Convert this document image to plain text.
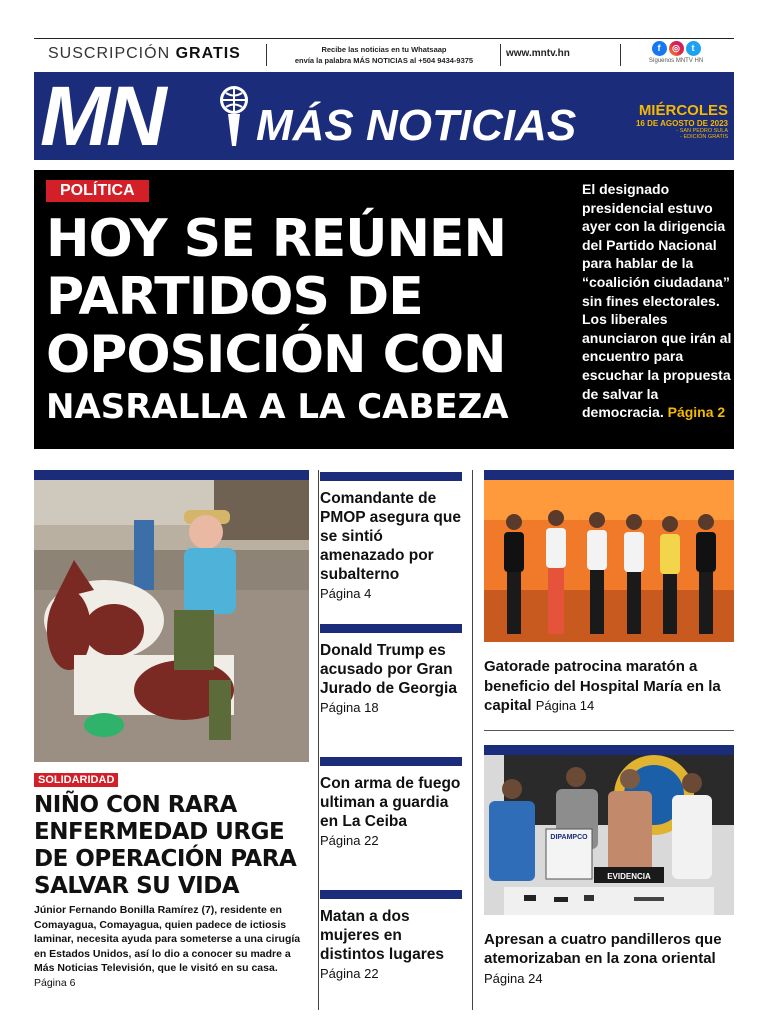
SUSCRIPCIÓN GRATIS	Recibe las noticias en tu Whatsaap
envía la palabra MÁS NOTICIAS al +504 9434-9375
www.mntv.hn	f	◎	t
Síguenos MNTV HN
MN MÁS NOTICIAS	MIÉRCOLES
16 DE AGOSTO DE 2023
- SAN PEDRO SULA
- EDICIÓN GRATIS
POLÍTICA
HOY SE REÚNEN
PARTIDOS DE
OPOSICIÓN CON
NASRALLA A LA CABEZA
El designado presidencial estuvo ayer con la dirigencia del Partido Nacional para hablar de la “coalición ciudadana” sin fines electorales. Los liberales anunciaron que irán al encuentro para escuchar la propuesta de salvar la democracia. Página 2
SOLIDARIDAD
NIÑO CON RARA ENFERMEDAD URGE DE OPERACIÓN PARA SALVAR SU VIDA
Júnior Fernando Bonilla Ramírez (7), residente en Comayagua, Comayagua, quien padece de ictiosis laminar, necesita ayuda para someterse a una cirugía en Estados Unidos, así lo dio a conocer su madre a Más Noticias Televisión, que le visitó en su casa. Página 6
Comandante de PMOP asegura que se sintió amenazado por subalterno
Página 4
Donald Trump es acusado por Gran Jurado de Georgia
Página 18
Con arma de fuego ultiman a guardia en La Ceiba
Página 22
Matan a dos mujeres en distintos lugares
Página 22
Gatorade patrocina maratón a beneficio del Hospital María en la capital Página 14
DIPAMPCO
EVIDENCIA
Apresan a cuatro pandilleros que atemorizaban en la zona oriental Página 24
